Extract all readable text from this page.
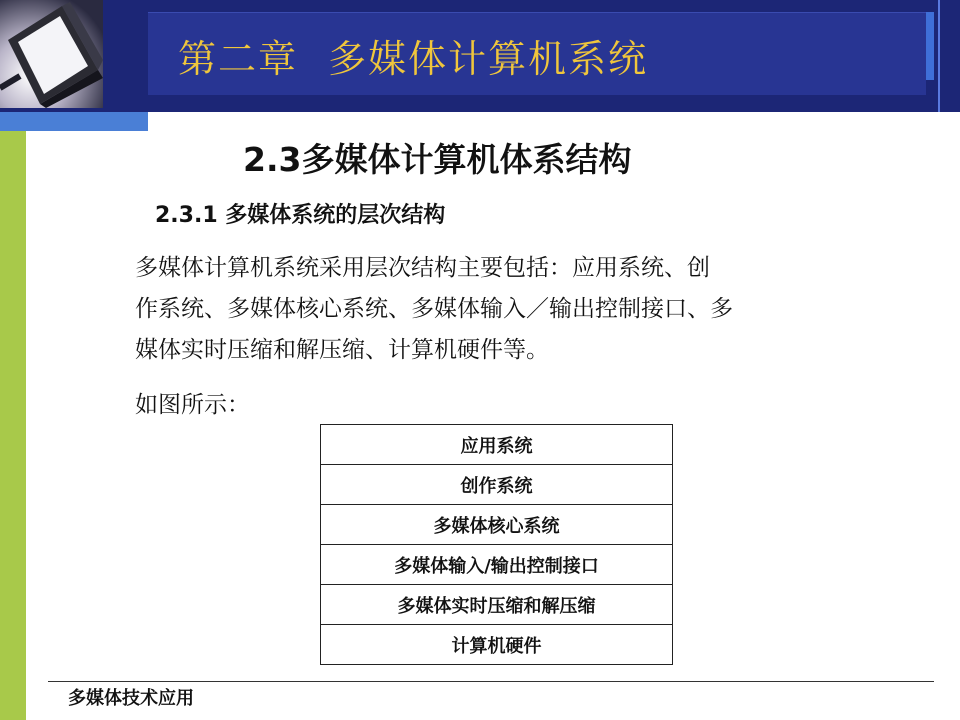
第二章 多媒体计算机系统
2.3多媒体计算机体系结构
2.3.1 多媒体系统的层次结构
多媒体计算机系统采用层次结构主要包括：应用系统、创
作系统、多媒体核心系统、多媒体输入／输出控制接口、多
媒体实时压缩和解压缩、计算机硬件等。
如图所示：
应用系统
创作系统
多媒体核心系统
多媒体输入/输出控制接口
多媒体实时压缩和解压缩
计算机硬件
多媒体技术应用
